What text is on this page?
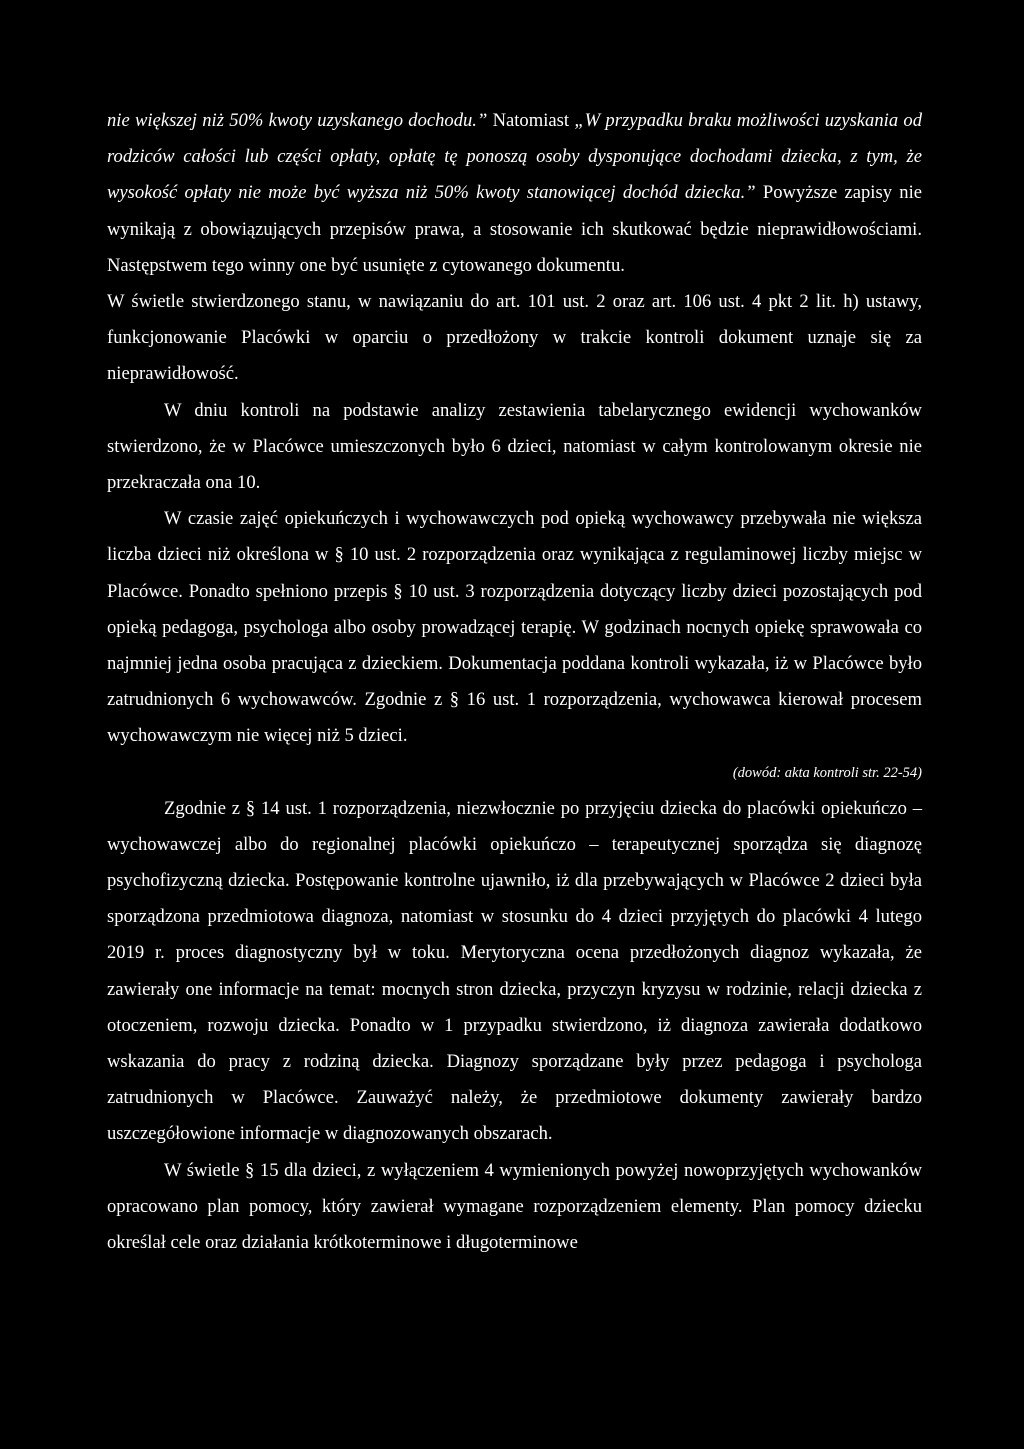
nie większej niż 50% kwoty uzyskanego dochodu.” Natomiast „W przypadku braku możliwości uzyskania od rodziców całości lub części opłaty, opłatę tę ponoszą osoby dysponujące dochodami dziecka, z tym, że wysokość opłaty nie może być wyższa niż 50% kwoty stanowiącej dochód dziecka.” Powyższe zapisy nie wynikają z obowiązujących przepisów prawa, a stosowanie ich skutkować będzie nieprawidłowościami. Następstwem tego winny one być usunięte z cytowanego dokumentu.

W świetle stwierdzonego stanu, w nawiązaniu do art. 101 ust. 2 oraz art. 106 ust. 4 pkt 2 lit. h) ustawy, funkcjonowanie Placówki w oparciu o przedłożony w trakcie kontroli dokument uznaje się za nieprawidłowość.

W dniu kontroli na podstawie analizy zestawienia tabelarycznego ewidencji wychowanków stwierdzono, że w Placówce umieszczonych było 6 dzieci, natomiast w całym kontrolowanym okresie nie przekraczała ona 10.

W czasie zajęć opiekuńczych i wychowawczych pod opieką wychowawcy przebywała nie większa liczba dzieci niż określona w § 10 ust. 2 rozporządzenia oraz wynikająca z regulaminowej liczby miejsc w Placówce. Ponadto spełniono przepis § 10 ust. 3 rozporządzenia dotyczący liczby dzieci pozostających pod opieką pedagoga, psychologa albo osoby prowadzącej terapię. W godzinach nocnych opiekę sprawowała co najmniej jedna osoba pracująca z dzieckiem. Dokumentacja poddana kontroli wykazała, iż w Placówce było zatrudnionych 6 wychowawców. Zgodnie z § 16 ust. 1 rozporządzenia, wychowawca kierował procesem wychowawczym nie więcej niż 5 dzieci.

(dowód: akta kontroli str. 22-54)

Zgodnie z § 14 ust. 1 rozporządzenia, niezwłocznie po przyjęciu dziecka do placówki opiekuńczo – wychowawczej albo do regionalnej placówki opiekuńczo – terapeutycznej sporządza się diagnozę psychofizyczną dziecka. Postępowanie kontrolne ujawniło, iż dla przebywających w Placówce 2 dzieci była sporządzona przedmiotowa diagnoza, natomiast w stosunku do 4 dzieci przyjętych do placówki 4 lutego 2019 r. proces diagnostyczny był w toku. Merytoryczna ocena przedłożonych diagnoz wykazała, że zawierały one informacje na temat: mocnych stron dziecka, przyczyn kryzysu w rodzinie, relacji dziecka z otoczeniem, rozwoju dziecka. Ponadto w 1 przypadku stwierdzono, iż diagnoza zawierała dodatkowo wskazania do pracy z rodziną dziecka. Diagnozy sporządzane były przez pedagoga i psychologa zatrudnionych w Placówce. Zauważyć należy, że przedmiotowe dokumenty zawierały bardzo uszczegółowione informacje w diagnozowanych obszarach.

W świetle § 15 dla dzieci, z wyłączeniem 4 wymienionych powyżej nowoprzyjętych wychowanków opracowano plan pomocy, który zawierał wymagane rozporządzeniem elementy. Plan pomocy dziecku określał cele oraz działania krótkoterminowe i długoterminowe
